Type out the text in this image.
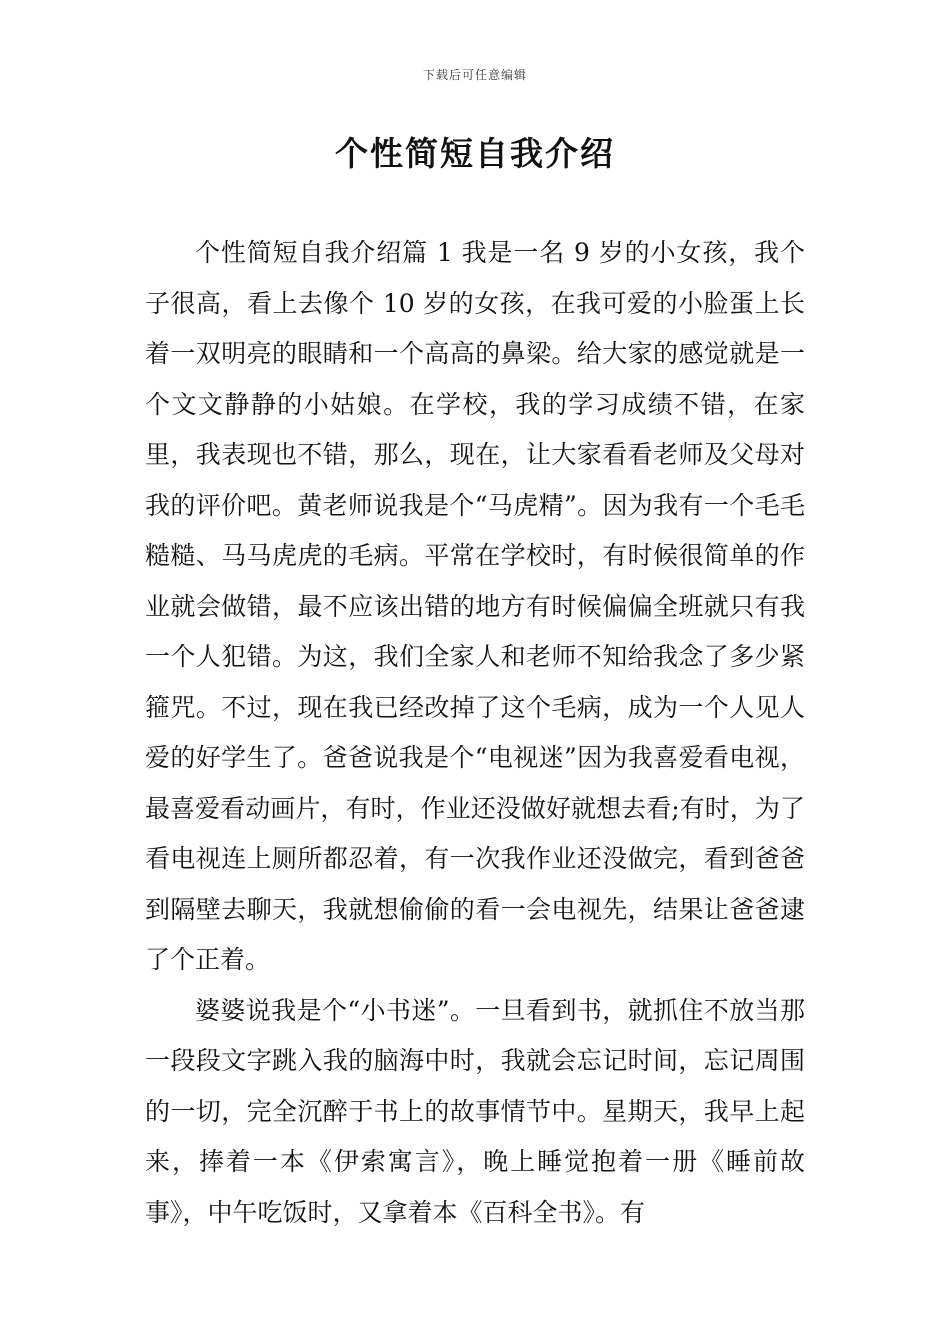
下载后可任意编辑
个性简短自我介绍

个性简短自我介绍篇 1 我是一名 9 岁的小女孩，我个子很高，看上去像个 10 岁的女孩，在我可爱的小脸蛋上长着一双明亮的眼睛和一个高高的鼻梁。给大家的感觉就是一个文文静静的小姑娘。在学校，我的学习成绩不错，在家里，我表现也不错，那么，现在，让大家看看老师及父母对我的评价吧。黄老师说我是个“马虎精”。因为我有一个毛毛糙糙、马马虎虎的毛病。平常在学校时，有时候很简单的作业就会做错，最不应该出错的地方有时候偏偏全班就只有我一个人犯错。为这，我们全家人和老师不知给我念了多少紧箍咒。不过，现在我已经改掉了这个毛病，成为一个人见人爱的好学生了。爸爸说我是个“电视迷”因为我喜爱看电视，最喜爱看动画片，有时，作业还没做好就想去看;有时，为了看电视连上厕所都忍着，有一次我作业还没做完，看到爸爸到隔壁去聊天，我就想偷偷的看一会电视先，结果让爸爸逮了个正着。

婆婆说我是个“小书迷”。一旦看到书，就抓住不放当那一段段文字跳入我的脑海中时，我就会忘记时间，忘记周围的一切，完全沉醉于书上的故事情节中。星期天，我早上起来，捧着一本《伊索寓言》，晚上睡觉抱着一册《睡前故事》，中午吃饭时，又拿着本《百科全书》。有
